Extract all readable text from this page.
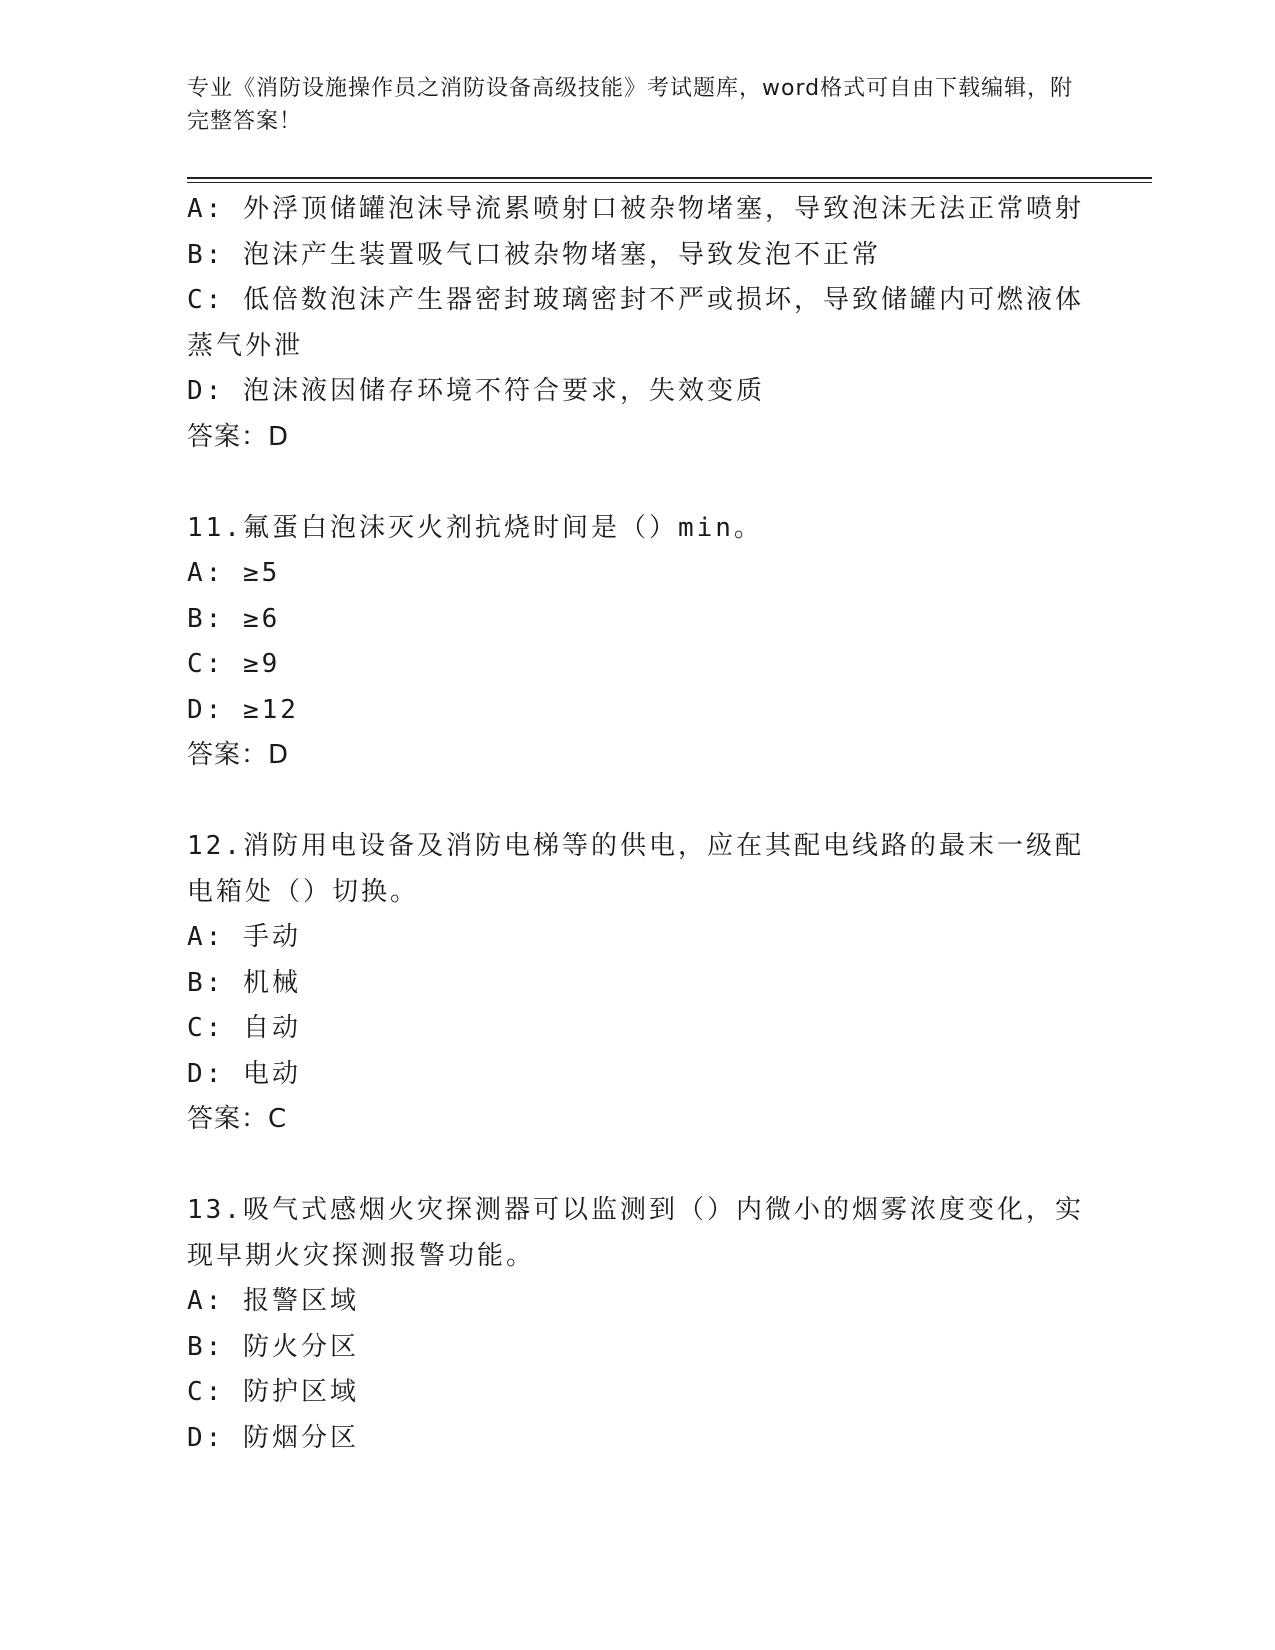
专业《消防设施操作员之消防设备高级技能》考试题库，word格式可自由下载编辑，附完整答案！

A: 外浮顶储罐泡沫导流累喷射口被杂物堵塞，导致泡沫无法正常喷射

B: 泡沫产生装置吸气口被杂物堵塞，导致发泡不正常

C: 低倍数泡沫产生器密封玻璃密封不严或损坏，导致储罐内可燃液体蒸气外泄

D: 泡沫液因储存环境不符合要求，失效变质

答案：D

11.氟蛋白泡沫灭火剂抗烧时间是（）min。

A: ≥5

B: ≥6

C: ≥9

D: ≥12

答案：D

12.消防用电设备及消防电梯等的供电，应在其配电线路的最末一级配电箱处（）切换。

A: 手动

B: 机械

C: 自动

D: 电动

答案：C

13.吸气式感烟火灾探测器可以监测到（）内微小的烟雾浓度变化，实现早期火灾探测报警功能。

A: 报警区域

B: 防火分区

C: 防护区域

D: 防烟分区
